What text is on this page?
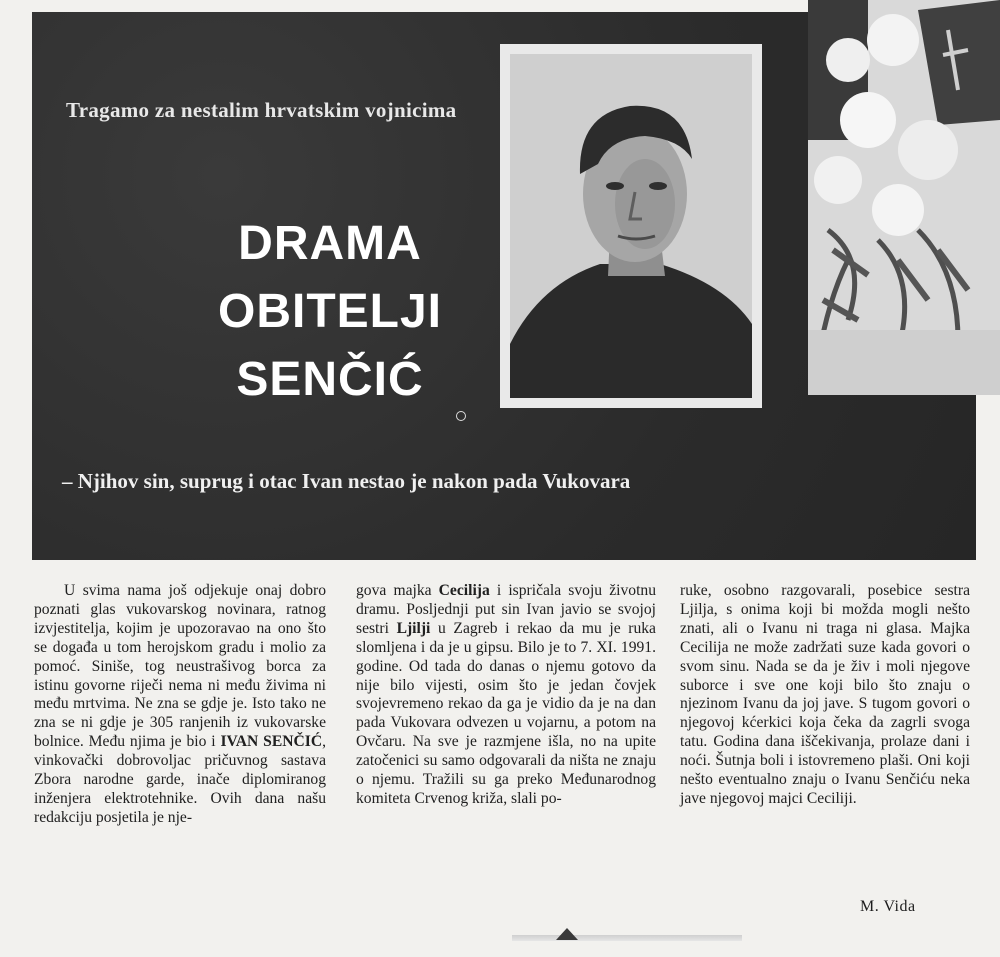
Tragamo za nestalim hrvatskim vojnicima
DRAMA
OBITELJI
SENČIĆ
– Njihov sin, suprug i otac Ivan nestao je nakon pada Vukovara

U svima nama još odjekuje onaj dobro poznati glas vukovarskog novinara, ratnog izvjestitelja, kojim je upozoravao na ono što se događa u tom herojskom gradu i molio za pomoć. Siniše, tog neustrašivog borca za istinu govorne riječi nema ni među živima ni među mrtvima. Ne zna se gdje je. Isto tako ne zna se ni gdje je 305 ranjenih iz vukovarske bolnice. Među njima je bio i IVAN SENČIĆ, vinkovački dobrovoljac pričuvnog sastava Zbora narodne garde, inače diplomiranog inženjera elektrotehnike. Ovih dana našu redakciju posjetila je nje-

gova majka Cecilija i ispričala svoju životnu dramu. Posljednji put sin Ivan javio se svojoj sestri Ljilji u Zagreb i rekao da mu je ruka slomljena i da je u gipsu. Bilo je to 7. XI. 1991. godine. Od tada do danas o njemu gotovo da nije bilo vijesti, osim što je jedan čovjek svojevremeno rekao da ga je vidio da je na dan pada Vukovara odvezen u vojarnu, a potom na Ovčaru. Na sve je razmjene išla, no na upite zatočenici su samo odgovarali da ništa ne znaju o njemu. Tražili su ga preko Međunarodnog komiteta Crvenog križa, slali po-

ruke, osobno razgovarali, posebice sestra Ljilja, s onima koji bi možda mogli nešto znati, ali o Ivanu ni traga ni glasa. Majka Cecilija ne može zadržati suze kada govori o svom sinu. Nada se da je živ i moli njegove suborce i sve one koji bilo što znaju o njezinom Ivanu da joj jave. S tugom govori o njegovoj kćerkici koja čeka da zagrli svoga tatu. Godina dana iščekivanja, prolaze dani i noći. Šutnja boli i istovremeno plaši. Oni koji nešto eventualno znaju o Ivanu Senčiću neka jave njegovoj majci Ceciliji.

M. Vida
